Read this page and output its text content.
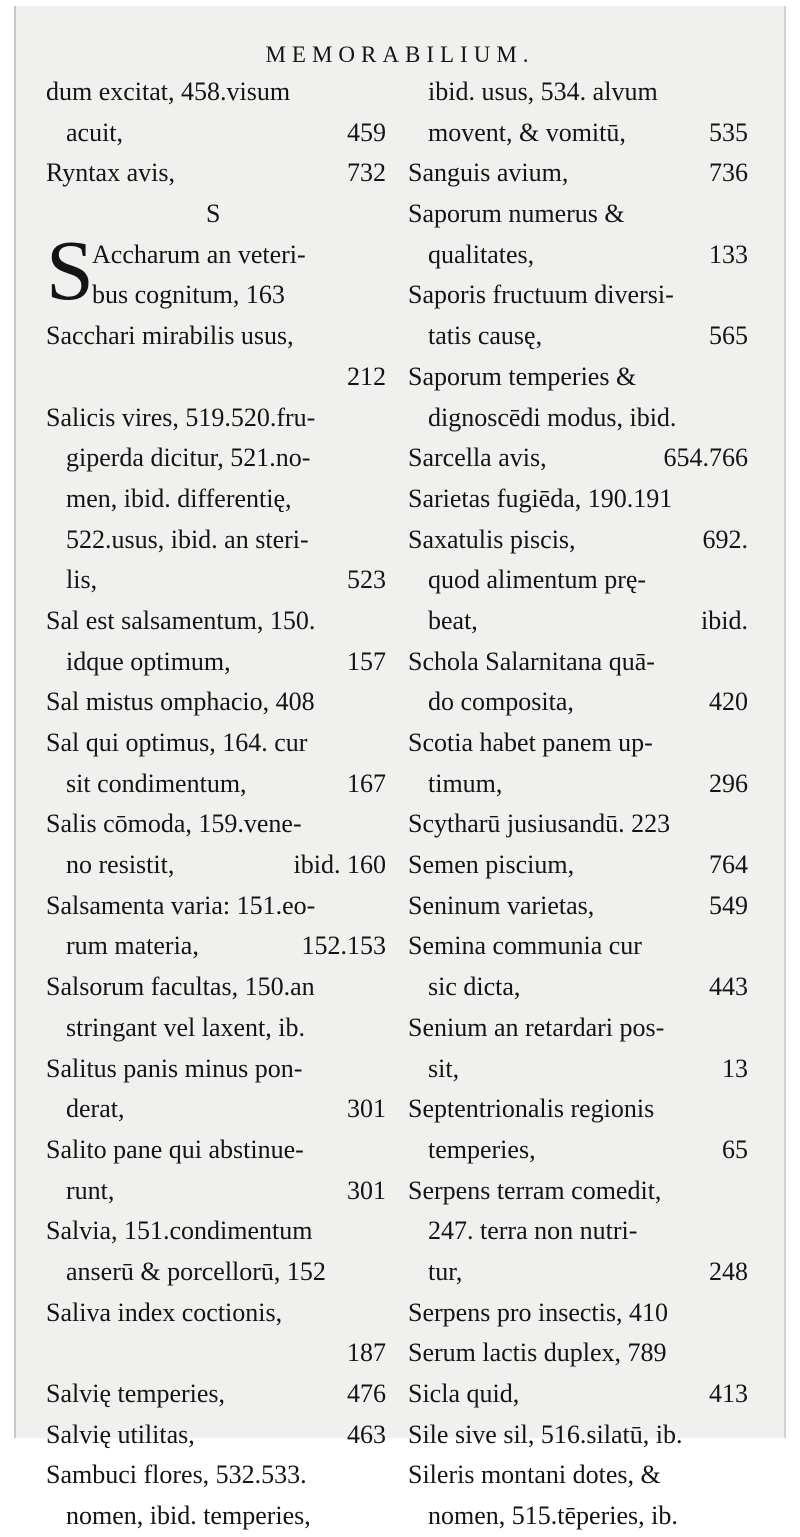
MEMORABILIUM.
S
dum excitat, 458.visum
acuit,	459
Ryntax avis,	732
S
Accharum an veteri-
bus cognitum, 163
Sacchari mirabilis usus,
212
Salicis vires, 519.520.fru-
giperda dicitur, 521.no-
men, ibid. differentię,
522.usus, ibid. an steri-
lis,	523
Sal est salsamentum, 150.
idque optimum,	157
Sal mistus omphacio, 408
Sal qui optimus, 164. cur
sit condimentum,	167
Salis cōmoda, 159.vene-
no resistit,	ibid. 160
Salsamenta varia: 151.eo-
rum materia,	152.153
Salsorum facultas, 150.an
stringant vel laxent, ib.
Salitus panis minus pon-
derat,	301
Salito pane qui abstinue-
runt,	301
Salvia, 151.condimentum
anserū & porcellorū, 152
Saliva index coctionis,
187
Salvię temperies,	476
Salvię utilitas,	463
Sambuci flores, 532.533.
nomen, ibid. temperies,
ibid. usus, 534. alvum
movent, & vomitū,	535
Sanguis avium,	736
Saporum numerus &
qualitates,	133
Saporis fructuum diversi-
tatis causę,	565
Saporum temperies &
dignoscēdi modus, ibid.
Sarcella avis,	654.766
Sarietas fugiēda, 190.191
Saxatulis piscis,	692.
quod alimentum prę-
beat,	ibid.
Schola Salarnitana quā-
do composita,	420
Scotia habet panem up-
timum,	296
Scytharū jusiusandū. 223
Semen piscium,	764
Seninum varietas,	549
Semina communia cur
sic dicta,	443
Senium an retardari pos-
sit,	13
Septentrionalis regionis
temperies,	65
Serpens terram comedit,
247. terra non nutri-
tur,	248
Serpens pro insectis, 410
Serum lactis duplex, 789
Sicla quid,	413
Sile sive sil, 516.silatū, ib.
Sileris montani dotes, &
nomen, 515.tēperies, ib.
